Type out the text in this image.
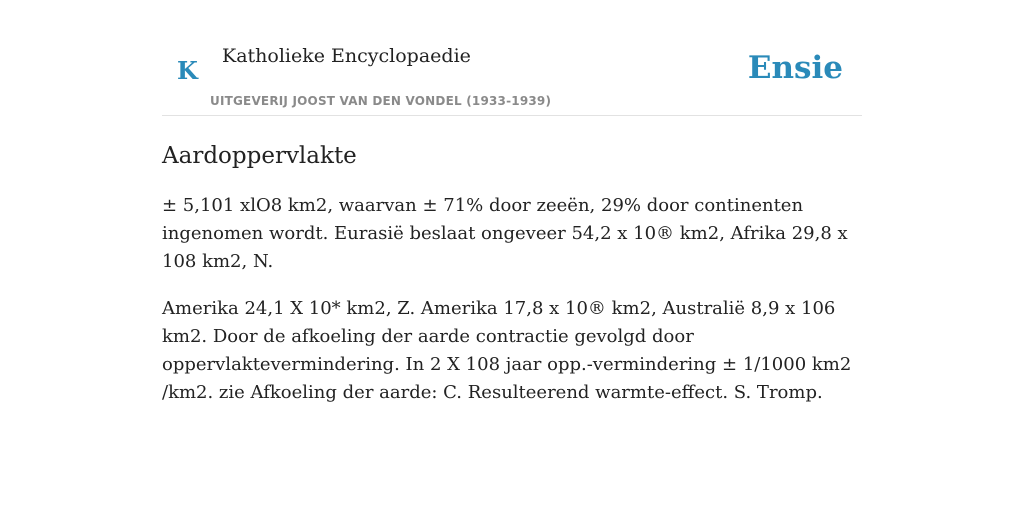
K Katholieke Encyclopaedie
UITGEVERIJ JOOST VAN DEN VONDEL (1933-1939)
Ensie
Aardoppervlakte

± 5,101 xlO8 km2, waarvan ± 71% door zeeën, 29% door continenten ingenomen wordt. Eurasië beslaat ongeveer 54,2 x 10® km2, Afrika 29,8 x 108 km2, N.

Amerika 24,1 X 10* km2, Z. Amerika 17,8 x 10® km2, Australië 8,9 x 106 km2. Door de afkoeling der aarde contractie gevolgd door oppervlaktevermindering. In 2 X 108 jaar opp.-vermindering ± 1/1000 km2 /km2. zie Afkoeling der aarde: C. Resulteerend warmte-effect. S. Tromp.
